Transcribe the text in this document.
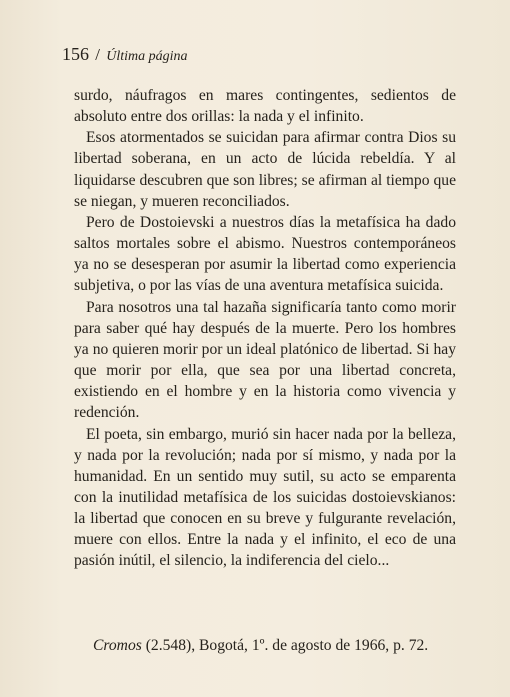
156 / Última página

surdo, náufragos en mares contingentes, sedientos de absoluto entre dos orillas: la nada y el infinito.

Esos atormentados se suicidan para afirmar contra Dios su libertad soberana, en un acto de lúcida rebeldía. Y al liquidarse descubren que son libres; se afirman al tiempo que se niegan, y mueren reconciliados.

Pero de Dostoievski a nuestros días la metafísica ha dado saltos mortales sobre el abismo. Nuestros contemporáneos ya no se desesperan por asumir la libertad como experiencia subjetiva, o por las vías de una aventura metafísica suicida.

Para nosotros una tal hazaña significaría tanto como morir para saber qué hay después de la muerte. Pero los hombres ya no quieren morir por un ideal platónico de libertad. Si hay que morir por ella, que sea por una libertad concreta, existiendo en el hombre y en la historia como vivencia y redención.

El poeta, sin embargo, murió sin hacer nada por la belleza, y nada por la revolución; nada por sí mismo, y nada por la humanidad. En un sentido muy sutil, su acto se emparenta con la inutilidad metafísica de los suicidas dostoievskianos: la libertad que conocen en su breve y fulgurante revelación, muere con ellos. Entre la nada y el infinito, el eco de una pasión inútil, el silencio, la indiferencia del cielo...

Cromos (2.548), Bogotá, 1º. de agosto de 1966, p. 72.
